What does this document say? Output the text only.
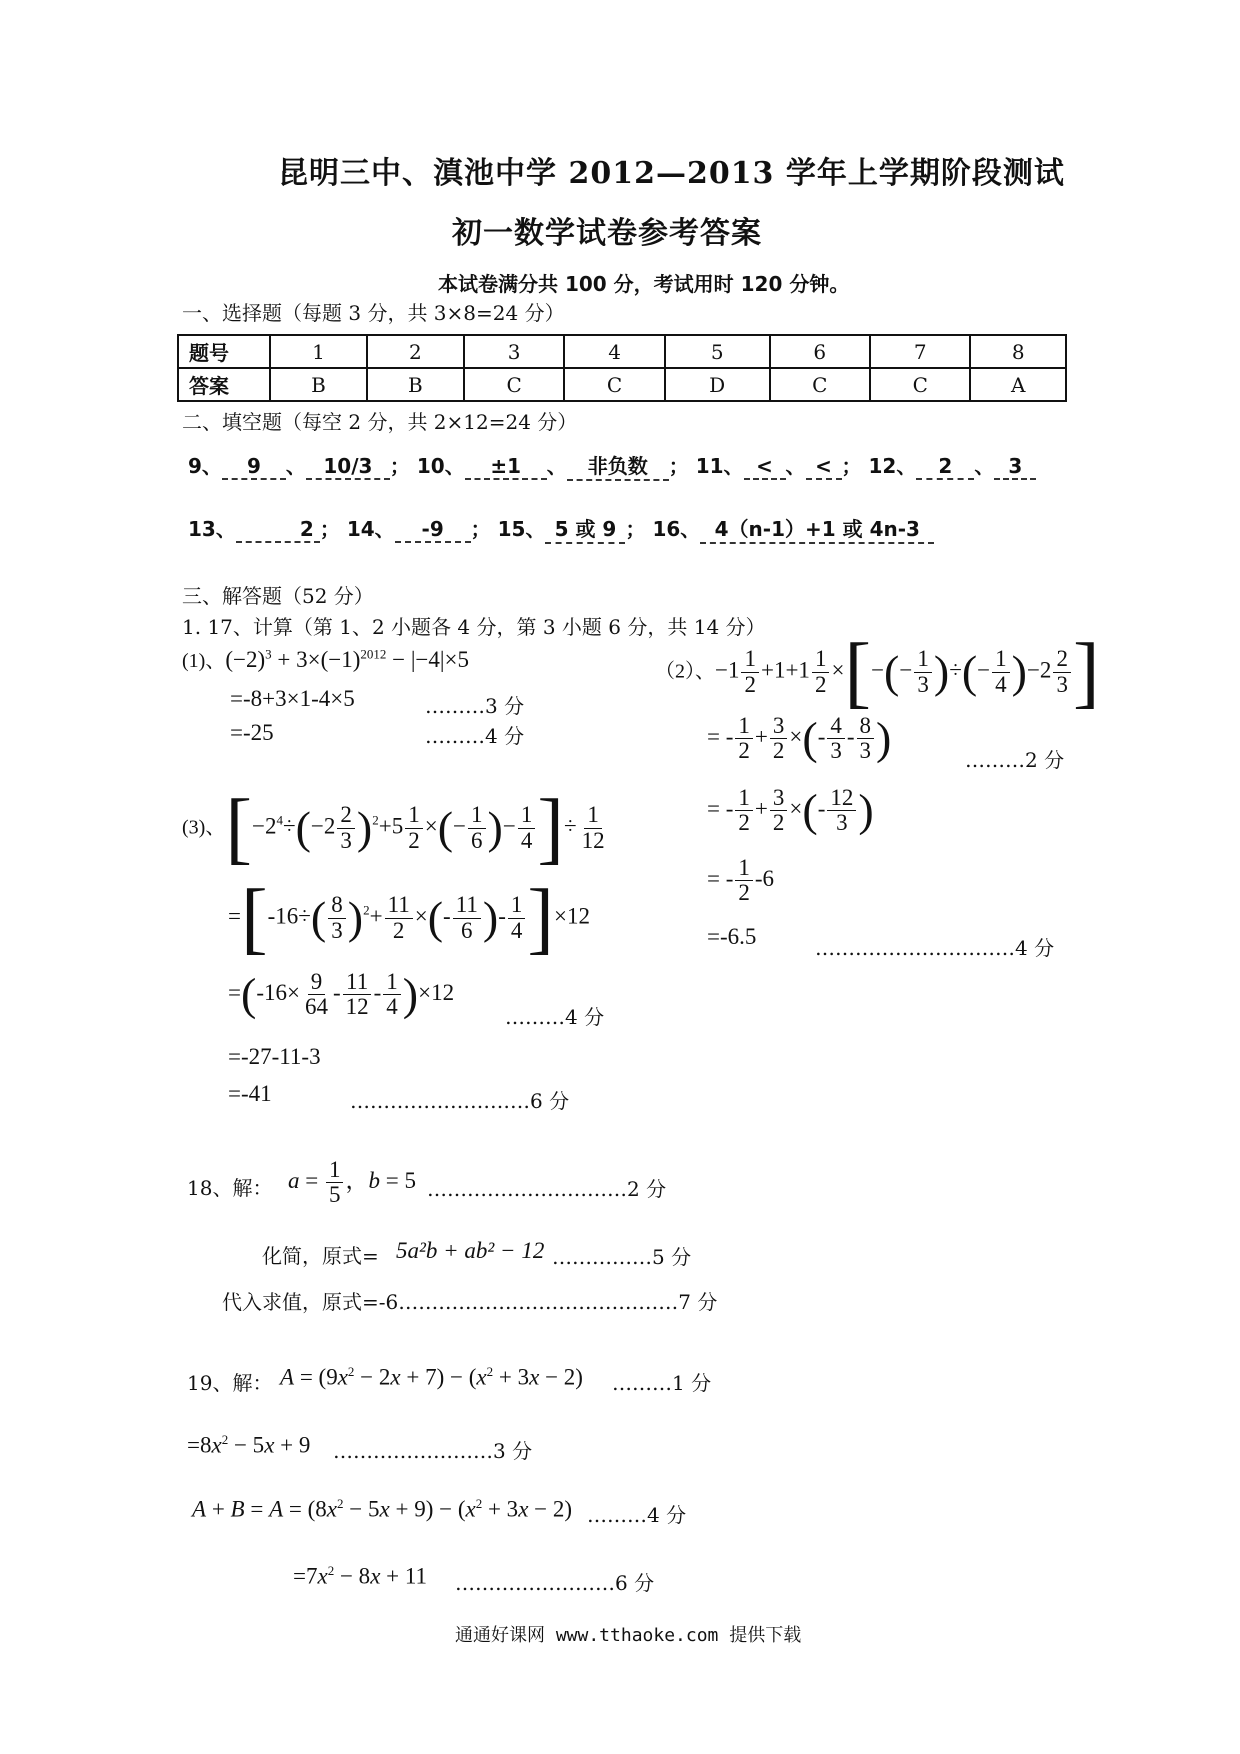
昆明三中、滇池中学 2012—2013 学年上学期阶段测试
初一数学试卷参考答案
本试卷满分共 100 分，考试用时 120 分钟。
一、选择题（每题 3 分，共 3×8=24 分）
题号	1	2	3	4	5	6	7	8
答案	B	B	C	C	D	C	C	A
二、填空题（每空 2 分，共 2×12=24 分）
9、 9 、 10/3 ； 10、 ±1 、 非负数 ； 11、 < 、 < ； 12、 2 、 3
13、	2 ； 14、 -9 ； 15、 5 或 9 ； 16、 4（n-1）+1 或 4n-3
三、解答题（52 分）
1. 17、计算（第 1、2 小题各 4 分，第 3 小题 6 分，共 14 分）
(1)、$(-2)^3 + 3\times(-1)^{2012} - |-4|\times 5$
=-8+3×1-4×5	………3 分
=-25	………4 分
（2）、$-1 \frac{1}{2} +1+1 \frac{1}{2}$ ×[−(− $\frac{1}{3}$ )÷(− $\frac{1}{4} )-2 \frac{2}{3}$ ]
= - $\frac{1}{2} + \frac{3}{2}$ ×(- $\frac{4}{3} - \frac{8}{3}$ )	………2 分
= - $\frac{1}{2} + \frac{3}{2}$ ×(- $\frac{12}{3}$ )
= - $\frac{1}{2} -6$
=-6.5	…………………………4 分
(3)、[$-2^4\div(-2 \frac{2}{3} )^2+5 \frac{1}{2}$ ×(− $\frac{1}{6}$ )− $\frac{1}{4}$ ]÷ $\frac{1}{12}$
$=[-16\div( \frac{8}{3} )^2+ \frac{11}{2}$ ×(- $\frac{11}{6}$ )- $\frac{1}{4} ]\times 12$
$=(-16\times \frac{9}{64} - \frac{11}{12} - \frac{1}{4} )\times 12$
………4 分
=-27-11-3
=-41	………………………6 分
18、解： $a = \frac{1}{5}$ ，b = 5 …………………………2 分
化简，原式= 5a²b + ab² − 12 ……………5 分
代入求值，原式=-6……………………………………7 分
19、解： $A = (9x^2 - 2x + 7) - (x^2 + 3x - 2)$ ………1 分
$=8x^2 - 5x + 9$ ……………………3 分
$A + B = A = (8x^2 - 5x + 9) - (x^2 + 3x - 2)$ ………4 分
$=7x^2 - 8x + 11$ ……………………6 分
通通好课网 www.tthaoke.com 提供下载
